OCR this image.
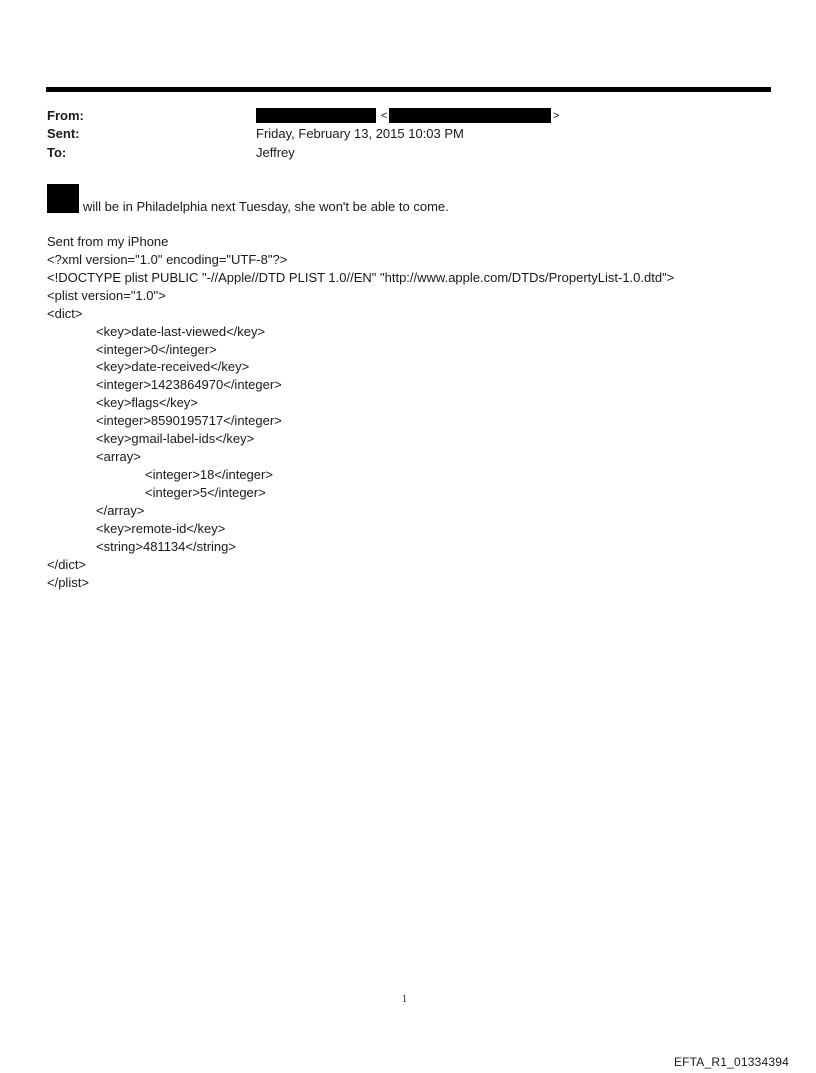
From:	<	>
Sent:	Friday, February 13, 2015 10:03 PM
To:	Jeffrey
will be in Philadelphia next Tuesday, she won't be able to come.
Sent from my iPhone
<?xml version="1.0" encoding="UTF-8"?>
<!DOCTYPE plist PUBLIC "-//Apple//DTD PLIST 1.0//EN" "http://www.apple.com/DTDs/PropertyList-1.0.dtd">
<plist version="1.0">
<dict>
<key>date-last-viewed</key>
<integer>0</integer>
<key>date-received</key>
<integer>1423864970</integer>
<key>flags</key>
<integer>8590195717</integer>
<key>gmail-label-ids</key>
<array>
<integer>18</integer>
<integer>5</integer>
</array>
<key>remote-id</key>
<string>481134</string>
</dict>
</plist>
1
EFTA_R1_01334394
